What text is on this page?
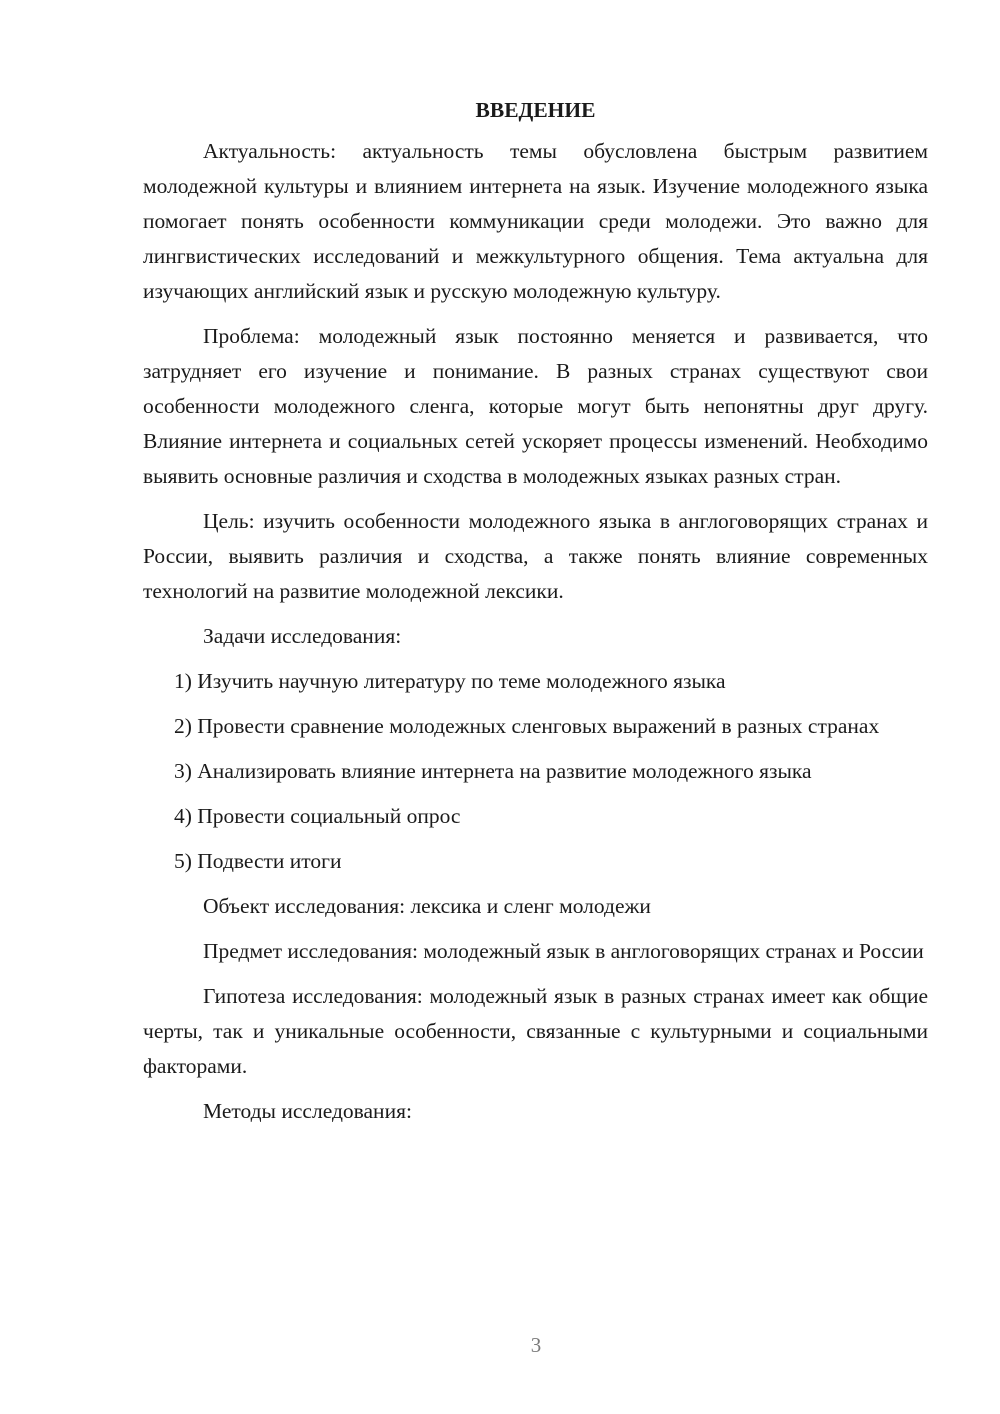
ВВЕДЕНИЕ
Актуальность: актуальность темы обусловлена быстрым развитием молодежной культуры и влиянием интернета на язык. Изучение молодежного языка помогает понять особенности коммуникации среди молодежи. Это важно для лингвистических исследований и межкультурного общения. Тема актуальна для изучающих английский язык и русскую молодежную культуру.
Проблема: молодежный язык постоянно меняется и развивается, что затрудняет его изучение и понимание. В разных странах существуют свои особенности молодежного сленга, которые могут быть непонятны друг другу. Влияние интернета и социальных сетей ускоряет процессы изменений. Необходимо выявить основные различия и сходства в молодежных языках разных стран.
Цель: изучить особенности молодежного языка в англоговорящих странах и России, выявить различия и сходства, а также понять влияние современных технологий на развитие молодежной лексики.
Задачи исследования:
1) Изучить научную литературу по теме молодежного языка
2) Провести сравнение молодежных сленговых выражений в разных странах
3) Анализировать влияние интернета на развитие молодежного языка
4) Провести социальный опрос
5) Подвести итоги
Объект исследования: лексика и сленг молодежи
Предмет исследования: молодежный язык в англоговорящих странах и России
Гипотеза исследования: молодежный язык в разных странах имеет как общие черты, так и уникальные особенности, связанные с культурными и социальными факторами.
Методы исследования:
3
